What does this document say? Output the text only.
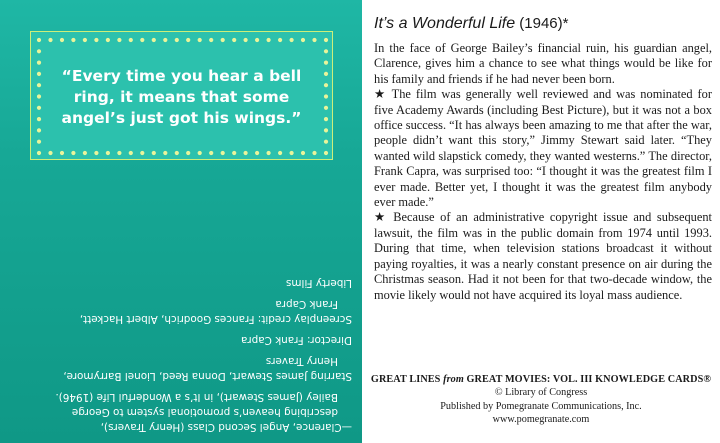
“Every time you hear a bell
ring, it means that some
angel’s just got his wings.”
—Clarence, Angel Second Class (Henry Travers),
describing heaven’s promotional system to George
Bailey (James Stewart), in It’s a Wonderful Life (1946).
Starring James Stewart, Donna Reed, Lionel Barrymore,
Henry Travers
Director: Frank Capra
Screenplay credit: Frances Goodrich, Albert Hackett,
Frank Capra
Liberty Films
It’s a Wonderful Life (1946)*

In the face of George Bailey’s financial ruin, his guardian angel, Clarence, gives him a chance to see what things would be like for his family and friends if he had never been born.

★ The film was generally well reviewed and was nominated for five Academy Awards (including Best Picture), but it was not a box office success. “It has always been amazing to me that after the war, people didn’t want this story,” Jimmy Stewart said later. “They wanted wild slapstick comedy, they wanted westerns.” The director, Frank Capra, was surprised too: “I thought it was the greatest film I ever made. Better yet, I thought it was the greatest film anybody ever made.”

★ Because of an administrative copyright issue and subsequent lawsuit, the film was in the public domain from 1974 until 1993. During that time, when television stations broadcast it without paying royalties, it was a nearly constant presence on air during the Christmas season. Had it not been for that two-decade window, the movie likely would not have acquired its loyal mass audience.

GREAT LINES from GREAT MOVIES: VOL. III KNOWLEDGE CARDS®
© Library of Congress
Published by Pomegranate Communications, Inc.
www.pomegranate.com
